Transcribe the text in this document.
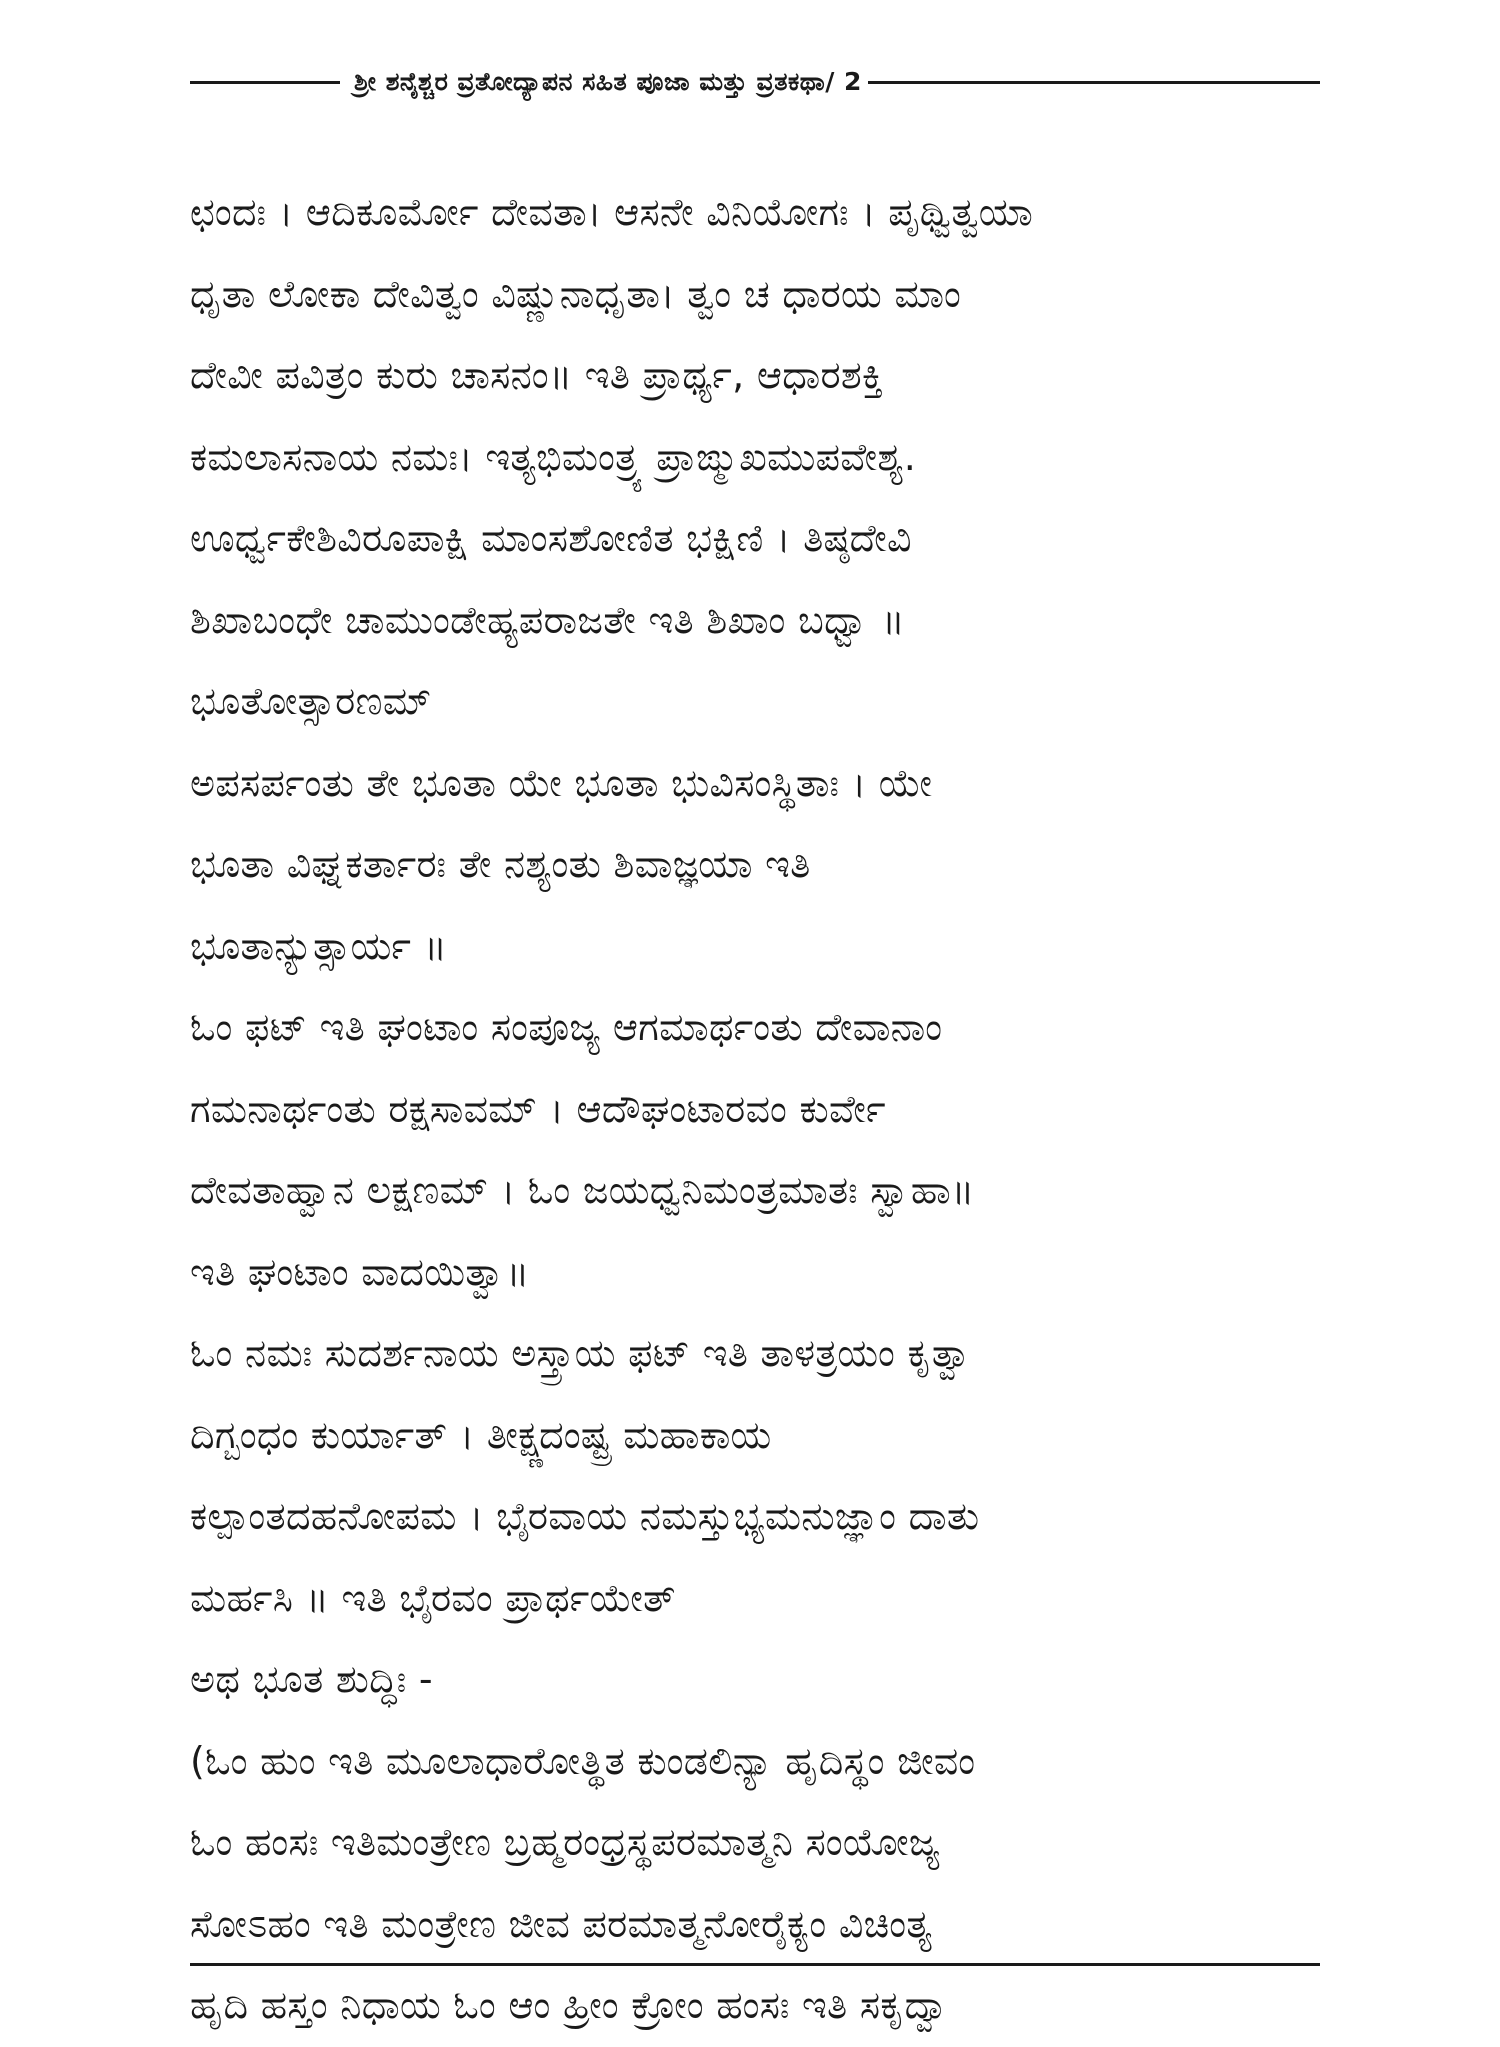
ಶ್ರೀ ಶನೈಶ್ಚರ ವ್ರತೋದ್ಯಾಪನ ಸಹಿತ ಪೂಜಾ ಮತ್ತು ವ್ರತಕಥಾ/ 2
ಛಂದಃ । ಆದಿಕೂರ್ಮೋ ದೇವತಾ। ಆಸನೇ ವಿನಿಯೋಗಃ । ಪೃಥ್ವಿತ್ವಯಾ
ಧೃತಾ ಲೋಕಾ ದೇವಿತ್ವಂ ವಿಷ್ಣುನಾಧೃತಾ। ತ್ವಂ ಚ ಧಾರಯ ಮಾಂ
ದೇವೀ ಪವಿತ್ರಂ ಕುರು ಚಾಸನಂ॥ ಇತಿ ಪ್ರಾರ್ಥ್ಯ, ಆಧಾರಶಕ್ತಿ
ಕಮಲಾಸನಾಯ ನಮಃ। ಇತ್ಯಭಿಮಂತ್ರ್ಯ ಪ್ರಾಙ್ಮುಖಮುಪವೇಶ್ಯ.
ಊರ್ಧ್ವಕೇಶಿವಿರೂಪಾಕ್ಷಿ ಮಾಂಸಶೋಣಿತ ಭಕ್ಷಿಣಿ । ತಿಷ್ಠದೇವಿ
ಶಿಖಾಬಂಧೇ ಚಾಮುಂಡೇಹ್ಯಪರಾಜತೇ ಇತಿ ಶಿಖಾಂ ಬಧ್ವಾ ॥
ಭೂತೋತ್ಸಾರಣಮ್
ಅಪಸರ್ಪಂತು ತೇ ಭೂತಾ ಯೇ ಭೂತಾ ಭುವಿಸಂಸ್ಥಿತಾಃ । ಯೇ
ಭೂತಾ ವಿಘ್ನಕರ್ತಾರಃ ತೇ ನಶ್ಯಂತು ಶಿವಾಜ್ಞಯಾ ಇತಿ
ಭೂತಾನ್ಯುತ್ಸಾರ್ಯ ॥
ಓಂ ಫಟ್ ಇತಿ ಘಂಟಾಂ ಸಂಪೂಜ್ಯ ಆಗಮಾರ್ಥಂತು ದೇವಾನಾಂ
ಗಮನಾರ್ಥಂತು ರಕ್ಷಸಾವಮ್ । ಆದೌಘಂಟಾರವಂ ಕುರ್ವೇ
ದೇವತಾಹ್ವಾನ ಲಕ್ಷಣಮ್ । ಓಂ ಜಯಧ್ವನಿಮಂತ್ರಮಾತಃ ಸ್ವಾಹಾ॥
ಇತಿ ಘಂಟಾಂ ವಾದಯಿತ್ವಾ॥
ಓಂ ನಮಃ ಸುದರ್ಶನಾಯ ಅಸ್ತ್ರಾಯ ಫಟ್ ಇತಿ ತಾಳತ್ರಯಂ ಕೃತ್ವಾ
ದಿಗ್ಬಂಧಂ ಕುರ್ಯಾತ್ । ತೀಕ್ಷ್ಣದಂಷ್ಟ್ರ ಮಹಾಕಾಯ
ಕಲ್ಪಾಂತದಹನೋಪಮ । ಭೈರವಾಯ ನಮಸ್ತುಭ್ಯಮನುಜ್ಞಾಂ ದಾತು
ಮರ್ಹಸಿ ॥ ಇತಿ ಭೈರವಂ ಪ್ರಾರ್ಥಯೇತ್
ಅಥ ಭೂತ ಶುದ್ಧಿಃ -
(ಓಂ ಹುಂ ಇತಿ ಮೂಲಾಧಾರೋತ್ಥಿತ ಕುಂಡಲಿನ್ಯಾ ಹೃದಿಸ್ಥಂ ಜೀವಂ
ಓಂ ಹಂಸಃ ಇತಿಮಂತ್ರೇಣ ಬ್ರಹ್ಮರಂಧ್ರಸ್ಥಪರಮಾತ್ಮನಿ ಸಂಯೋಜ್ಯ
ಸೋಽಹಂ ಇತಿ ಮಂತ್ರೇಣ ಜೀವ ಪರಮಾತ್ಮನೋರೈಕ್ಯಂ ವಿಚಿಂತ್ಯ
ಹೃದಿ ಹಸ್ತಂ ನಿಧಾಯ ಓಂ ಆಂ ಹ್ರೀಂ ಕ್ರೋಂ ಹಂಸಃ ಇತಿ ಸಕೃದ್ವಾ
